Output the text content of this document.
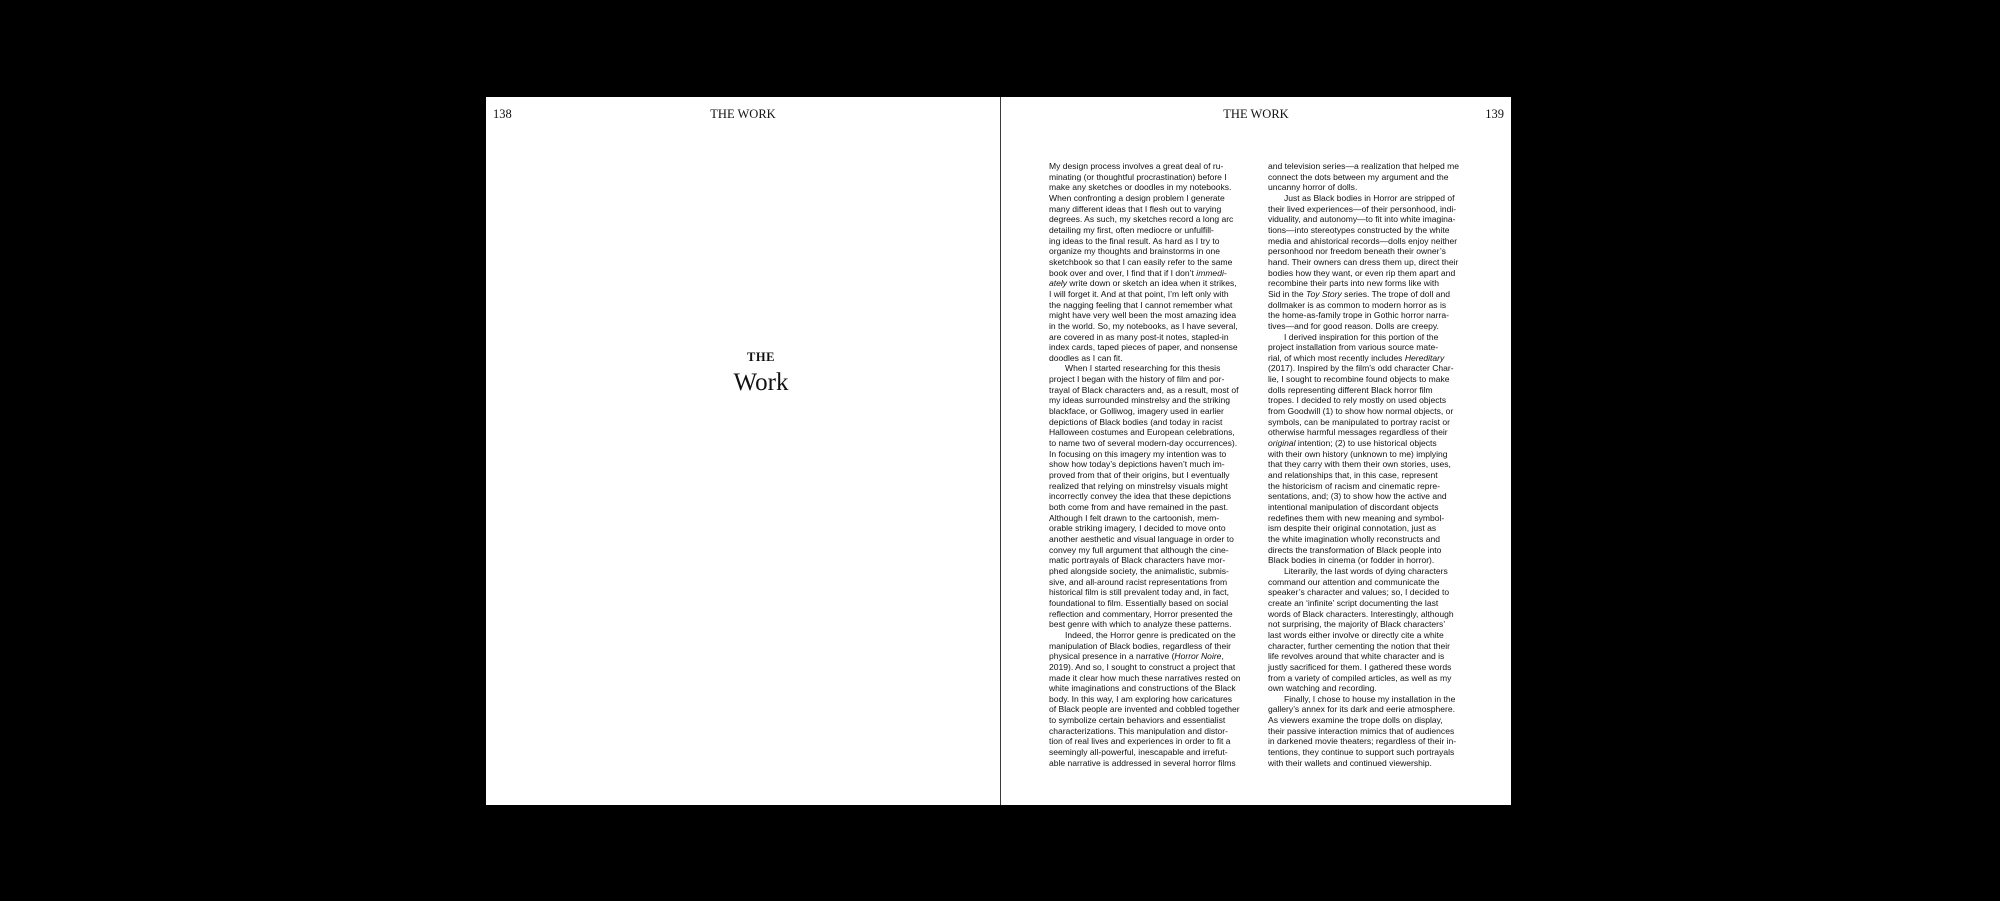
138	THE WORK
THE
Work
THE WORK	139
My design process involves a great deal of ru-
minating (or thoughtful procrastination) before I
make any sketches or doodles in my notebooks.
When confronting a design problem I generate
many different ideas that I flesh out to varying
degrees. As such, my sketches record a long arc
detailing my first, often mediocre or unfulfill-
ing ideas to the final result. As hard as I try to
organize my thoughts and brainstorms in one
sketchbook so that I can easily refer to the same
book over and over, I find that if I don’t immedi-
ately write down or sketch an idea when it strikes,
I will forget it. And at that point, I’m left only with
the nagging feeling that I cannot remember what
might have very well been the most amazing idea
in the world. So, my notebooks, as I have several,
are covered in as many post-it notes, stapled-in
index cards, taped pieces of paper, and nonsense
doodles as I can fit.
When I started researching for this thesis
project I began with the history of film and por-
trayal of Black characters and, as a result, most of
my ideas surrounded minstrelsy and the striking
blackface, or Golliwog, imagery used in earlier
depictions of Black bodies (and today in racist
Halloween costumes and European celebrations,
to name two of several modern-day occurrences).
In focusing on this imagery my intention was to
show how today’s depictions haven’t much im-
proved from that of their origins, but I eventually
realized that relying on minstrelsy visuals might
incorrectly convey the idea that these depictions
both come from and have remained in the past.
Although I felt drawn to the cartoonish, mem-
orable striking imagery, I decided to move onto
another aesthetic and visual language in order to
convey my full argument that although the cine-
matic portrayals of Black characters have mor-
phed alongside society, the animalistic, submis-
sive, and all-around racist representations from
historical film is still prevalent today and, in fact,
foundational to film. Essentially based on social
reflection and commentary, Horror presented the
best genre with which to analyze these patterns.
Indeed, the Horror genre is predicated on the
manipulation of Black bodies, regardless of their
physical presence in a narrative (Horror Noire,
2019). And so, I sought to construct a project that
made it clear how much these narratives rested on
white imaginations and constructions of the Black
body. In this way, I am exploring how caricatures
of Black people are invented and cobbled together
to symbolize certain behaviors and essentialist
characterizations. This manipulation and distor-
tion of real lives and experiences in order to fit a
seemingly all-powerful, inescapable and irrefut-
able narrative is addressed in several horror films
and television series—a realization that helped me
connect the dots between my argument and the
uncanny horror of dolls.
Just as Black bodies in Horror are stripped of
their lived experiences—of their personhood, indi-
viduality, and autonomy—to fit into white imagina-
tions—into stereotypes constructed by the white
media and ahistorical records—dolls enjoy neither
personhood nor freedom beneath their owner’s
hand. Their owners can dress them up, direct their
bodies how they want, or even rip them apart and
recombine their parts into new forms like with
Sid in the Toy Story series. The trope of doll and
dollmaker is as common to modern horror as is
the home-as-family trope in Gothic horror narra-
tives—and for good reason. Dolls are creepy.
I derived inspiration for this portion of the
project installation from various source mate-
rial, of which most recently includes Hereditary
(2017). Inspired by the film’s odd character Char-
lie, I sought to recombine found objects to make
dolls representing different Black horror film
tropes. I decided to rely mostly on used objects
from Goodwill (1) to show how normal objects, or
symbols, can be manipulated to portray racist or
otherwise harmful messages regardless of their
original intention; (2) to use historical objects
with their own history (unknown to me) implying
that they carry with them their own stories, uses,
and relationships that, in this case, represent
the historicism of racism and cinematic repre-
sentations, and; (3) to show how the active and
intentional manipulation of discordant objects
redefines them with new meaning and symbol-
ism despite their original connotation, just as
the white imagination wholly reconstructs and
directs the transformation of Black people into
Black bodies in cinema (or fodder in horror).
Literarily, the last words of dying characters
command our attention and communicate the
speaker’s character and values; so, I decided to
create an ‘infinite’ script documenting the last
words of Black characters. Interestingly, although
not surprising, the majority of Black characters’
last words either involve or directly cite a white
character, further cementing the notion that their
life revolves around that white character and is
justly sacrificed for them. I gathered these words
from a variety of compiled articles, as well as my
own watching and recording.
Finally, I chose to house my installation in the
gallery’s annex for its dark and eerie atmosphere.
As viewers examine the trope dolls on display,
their passive interaction mimics that of audiences
in darkened movie theaters; regardless of their in-
tentions, they continue to support such portrayals
with their wallets and continued viewership.
